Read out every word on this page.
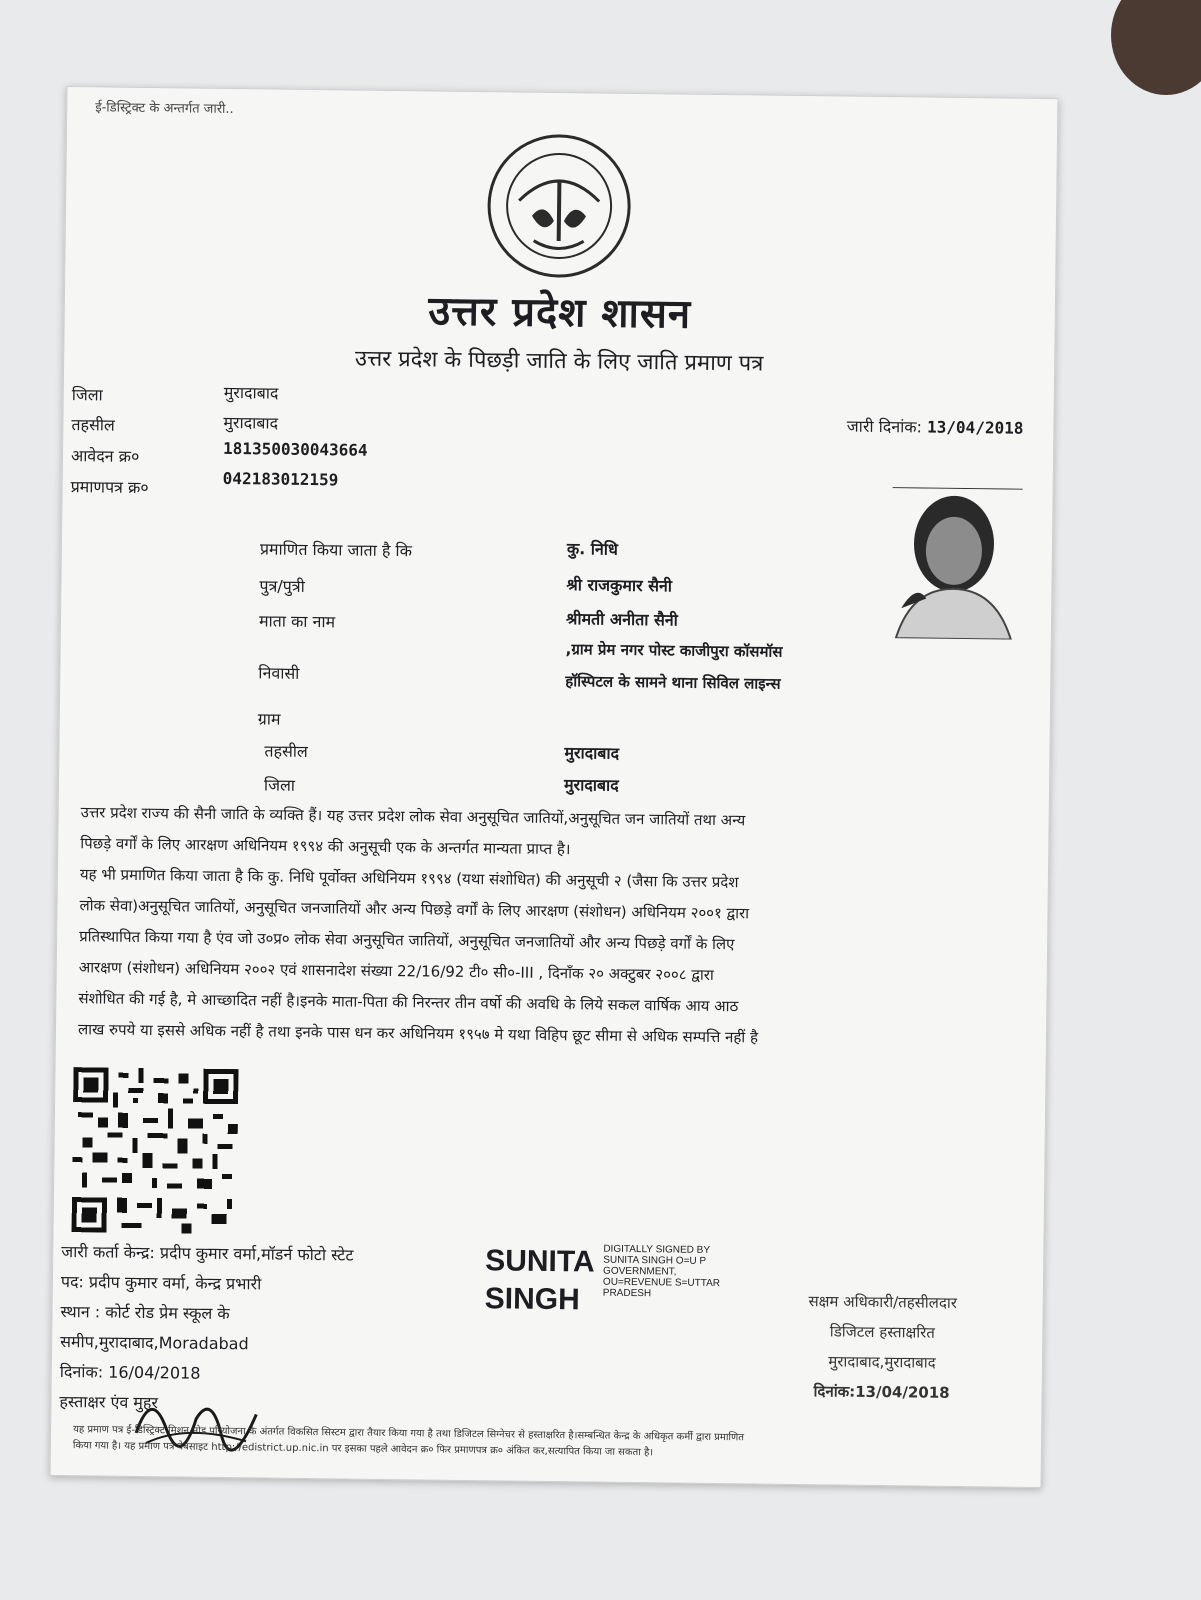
ई-डिस्ट्रिक्ट के अन्तर्गत जारी..
उत्तर प्रदेश शासन
उत्तर प्रदेश के पिछड़ी जाति के लिए जाति प्रमाण पत्र
जिला	मुरादाबाद
तहसील	मुरादाबाद
आवेदन क्र०	181350030043664
प्रमाणपत्र क्र०	042183012159
जारी दिनांक: 13/04/2018
प्रमाणित किया जाता है कि	कु. निधि
पुत्र/पुत्री	श्री राजकुमार सैनी
माता का नाम	श्रीमती अनीता सैनी
,ग्राम प्रेम नगर पोस्ट काजीपुरा कॉसमॉस
निवासी	हॉस्पिटल के सामने थाना सिविल लाइन्स
ग्राम
तहसील	मुरादाबाद
जिला	मुरादाबाद
उत्तर प्रदेश राज्य की सैनी जाति के व्यक्ति हैं। यह उत्तर प्रदेश लोक सेवा अनुसूचित जातियों,अनुसूचित जन जातियों तथा अन्य
पिछड़े वर्गों के लिए आरक्षण अधिनियम १९९४ की अनुसूची एक के अन्तर्गत मान्यता प्राप्त है।
यह भी प्रमाणित किया जाता है कि कु. निधि पूर्वोक्त अधिनियम १९९४ (यथा संशोधित) की अनुसूची २ (जैसा कि उत्तर प्रदेश
लोक सेवा)अनुसूचित जातियों, अनुसूचित जनजातियों और अन्य पिछड़े वर्गों के लिए आरक्षण (संशोधन) अधिनियम २००१ द्वारा
प्रतिस्थापित किया गया है एंव जो उ०प्र० लोक सेवा अनुसूचित जातियों, अनुसूचित जनजातियों और अन्य पिछड़े वर्गों के लिए
आरक्षण (संशोधन) अधिनियम २००२ एवं शासनादेश संख्या 22/16/92 टी० सी०-III , दिनाँक २० अक्टुबर २००८ द्वारा
संशोधित की गई है, मे आच्छादित नहीं है।इनके माता-पिता की निरन्तर तीन वर्षो की अवधि के लिये सकल वार्षिक आय आठ
लाख रुपये या इससे अधिक नहीं है तथा इनके पास धन कर अधिनियम १९५७ मे यथा विहिप छूट सीमा से अधिक सम्पत्ति नहीं है
जारी कर्ता केन्द्र: प्रदीप कुमार वर्मा,मॉडर्न फोटो स्टेट
पद: प्रदीप कुमार वर्मा, केन्द्र प्रभारी
स्थान : कोर्ट रोड प्रेम स्कूल के
समीप,मुरादाबाद,Moradabad
दिनांक: 16/04/2018
हस्ताक्षर एंव मुहर
SUNITA
SINGH
DIGITALLY SIGNED BY SUNITA SINGH O=U P GOVERNMENT, OU=REVENUE S=UTTAR PRADESH	सक्षम अधिकारी/तहसीलदार
डिजिटल हस्ताक्षरित
मुरादाबाद,मुरादाबाद
दिनांक:13/04/2018
यह प्रमाण पत्र ई-डिस्ट्रिक्ट मिशन मोड परियोजना के अंतर्गत विकसित सिस्टम द्वारा तैयार किया गया है तथा डिजिटल सिग्नेचर से हस्ताक्षरित है।सम्बन्धित केन्द्र के अधिकृत कर्मी द्वारा प्रमाणित
किया गया है। यह प्रमाण पत्र वेबसाइट http://edistrict.up.nic.in पर इसका पहले आवेदन क्र० फिर प्रमाणपत्र क्र० अंकित कर,सत्यापित किया जा सकता है।
